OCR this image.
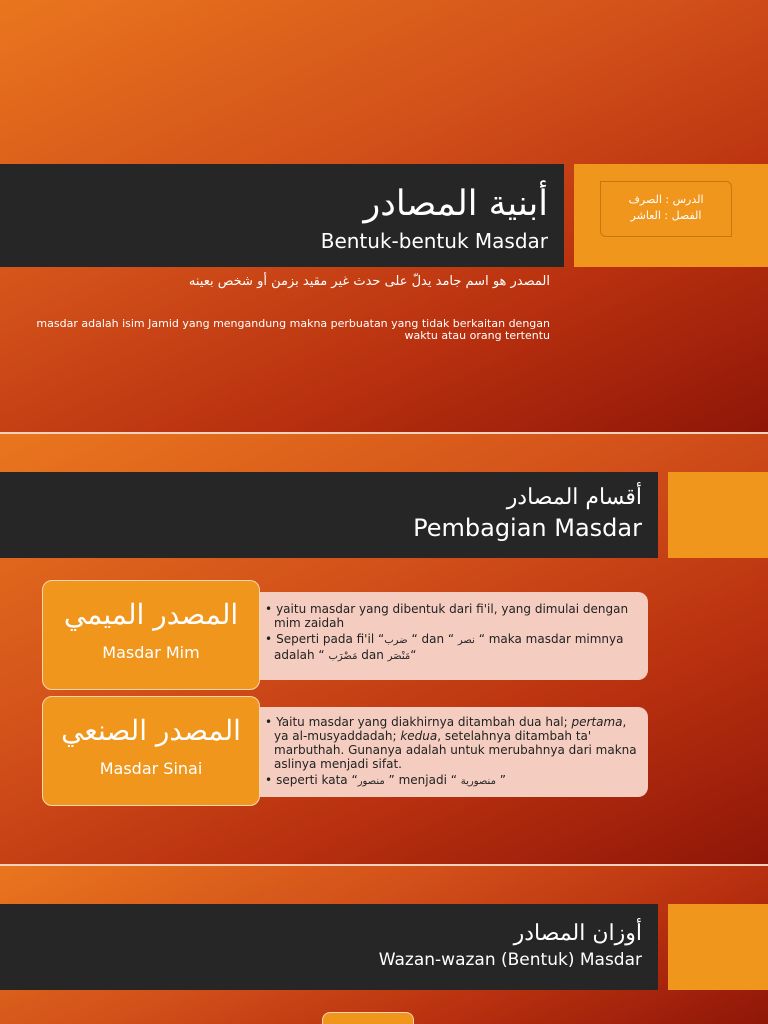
أبنية المصادر
Bentuk-bentuk Masdar
الدرس : الصرف
الفصل : العاشر
المصدر هو اسم جامد يدلّ على حدث غير مقيد بزمن أو شخص بعينه
masdar adalah isim Jamid yang mengandung makna perbuatan yang tidak berkaitan dengan waktu atau orang tertentu
أقسام المصادر
Pembagian Masdar
المصدر الميمي
Masdar Mim
• yaitu masdar yang dibentuk dari fi'il, yang dimulai dengan mim zaidah
• Seperti pada fi'il “ضرب “ dan “ نصر “ maka masdar mimnya adalah “ مَضْرَب dan مَنْصَر“
المصدر الصنعي
Masdar Sinai
• Yaitu masdar yang diakhirnya ditambah dua hal; pertama, ya al-musyaddadah; kedua, setelahnya ditambah ta' marbuthah. Gunanya adalah untuk merubahnya dari makna aslinya menjadi sifat.
• seperti kata “منصور ” menjadi “ منصورية ”
أوزان المصادر
Wazan-wazan (Bentuk) Masdar
